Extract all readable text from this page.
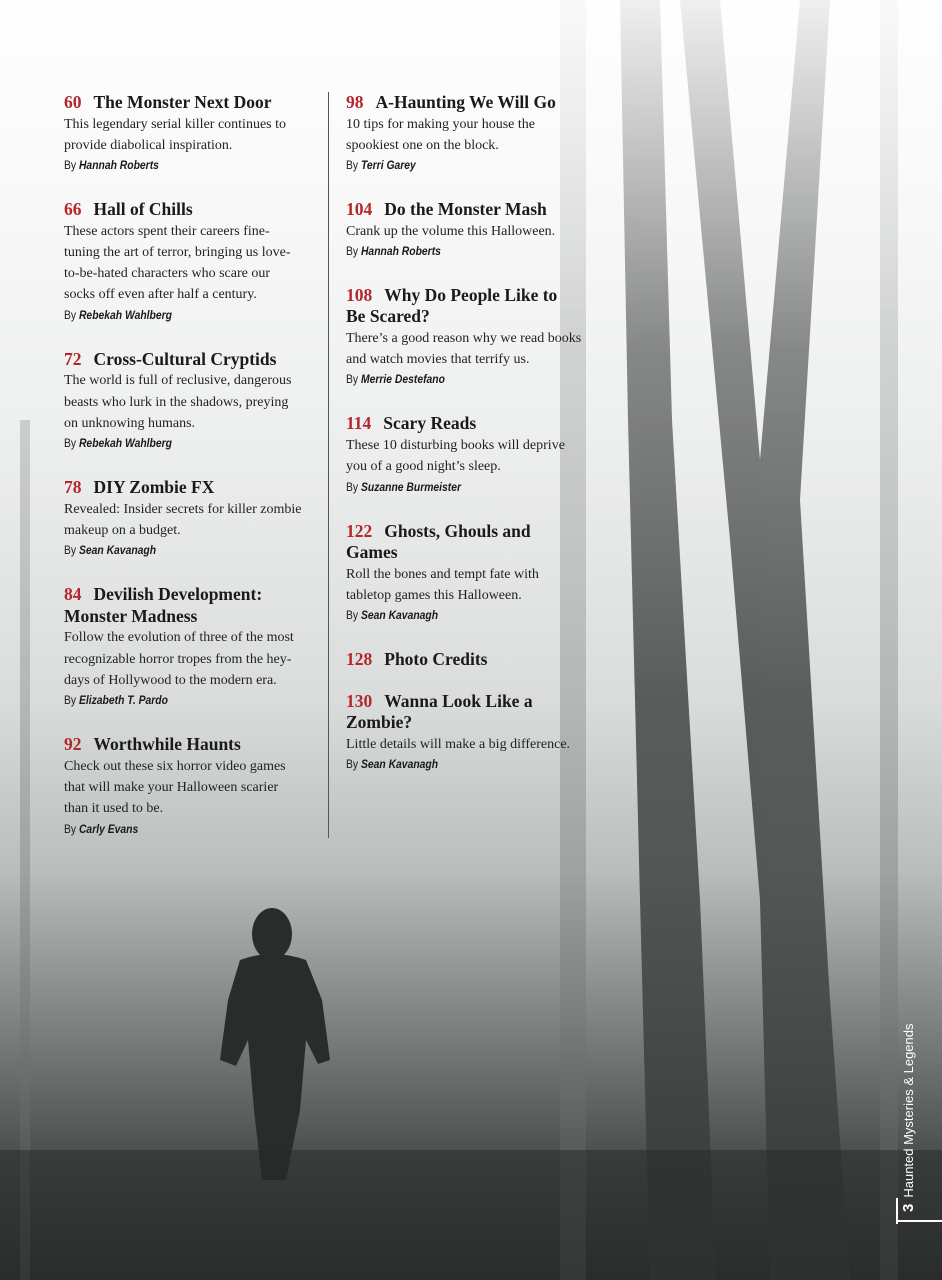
60 The Monster Next Door

This legendary serial killer continues to

provide diabolical inspiration.

By Hannah Roberts

66 Hall of Chills

These actors spent their careers fine-

tuning the art of terror, bringing us love-

to-be-hated characters who scare our

socks off even after half a century.

By Rebekah Wahlberg

72 Cross-Cultural Cryptids

The world is full of reclusive, dangerous

beasts who lurk in the shadows, preying

on unknowing humans.

By Rebekah Wahlberg

78 DIY Zombie FX

Revealed: Insider secrets for killer zombie

makeup on a budget.

By Sean Kavanagh

84 Devilish Development:

Monster Madness

Follow the evolution of three of the most

recognizable horror tropes from the hey-

days of Hollywood to the modern era.

By Elizabeth T. Pardo

92 Worthwhile Haunts

Check out these six horror video games

that will make your Halloween scarier

than it used to be.

By Carly Evans

98 A-Haunting We Will Go

10 tips for making your house the

spookiest one on the block.

By Terri Garey

104 Do the Monster Mash

Crank up the volume this Halloween.

By Hannah Roberts

108 Why Do People Like to

Be Scared?

There’s a good reason why we read books

and watch movies that terrify us.

By Merrie Destefano

114 Scary Reads

These 10 disturbing books will deprive

you of a good night’s sleep.

By Suzanne Burmeister

122 Ghosts, Ghouls and

Games

Roll the bones and tempt fate with

tabletop games this Halloween.

By Sean Kavanagh

128 Photo Credits

130 Wanna Look Like a

Zombie?

Little details will make a big difference.

By Sean Kavanagh

3Haunted Mysteries & Legends
